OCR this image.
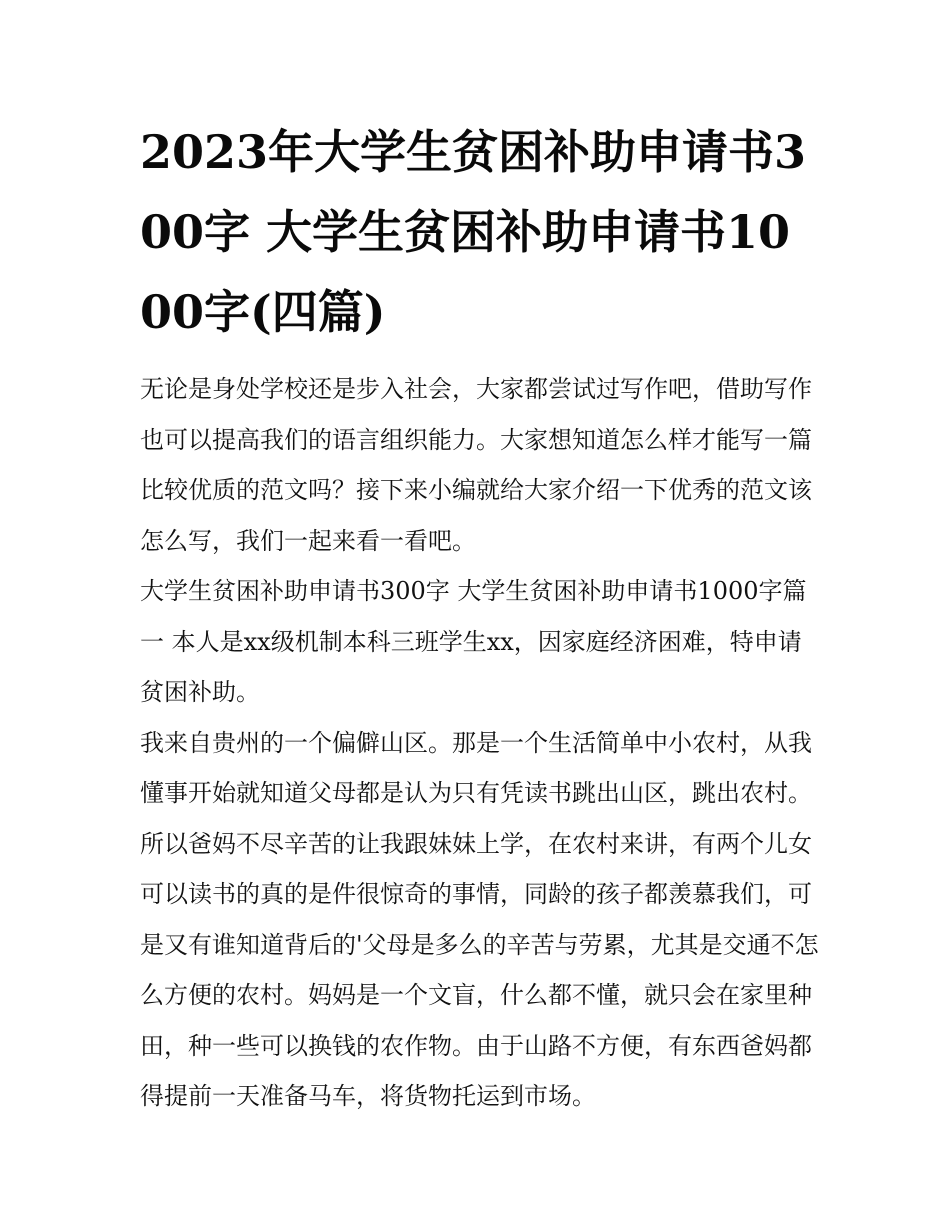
2023年大学生贫困补助申请书300字 大学生贫困补助申请书1000字(四篇)

无论是身处学校还是步入社会，大家都尝试过写作吧，借助写作也可以提高我们的语言组织能力。大家想知道怎么样才能写一篇比较优质的范文吗？接下来小编就给大家介绍一下优秀的范文该怎么写，我们一起来看一看吧。

大学生贫困补助申请书300字 大学生贫困补助申请书1000字篇一 本人是xx级机制本科三班学生xx，因家庭经济困难，特申请贫困补助。

我来自贵州的一个偏僻山区。那是一个生活简单中小农村，从我懂事开始就知道父母都是认为只有凭读书跳出山区，跳出农村。所以爸妈不尽辛苦的让我跟妹妹上学，在农村来讲，有两个儿女可以读书的真的是件很惊奇的事情，同龄的孩子都羡慕我们，可是又有谁知道背后的'父母是多么的辛苦与劳累，尤其是交通不怎么方便的农村。妈妈是一个文盲，什么都不懂，就只会在家里种田，种一些可以换钱的农作物。由于山路不方便，有东西爸妈都得提前一天准备马车，将货物托运到市场。
